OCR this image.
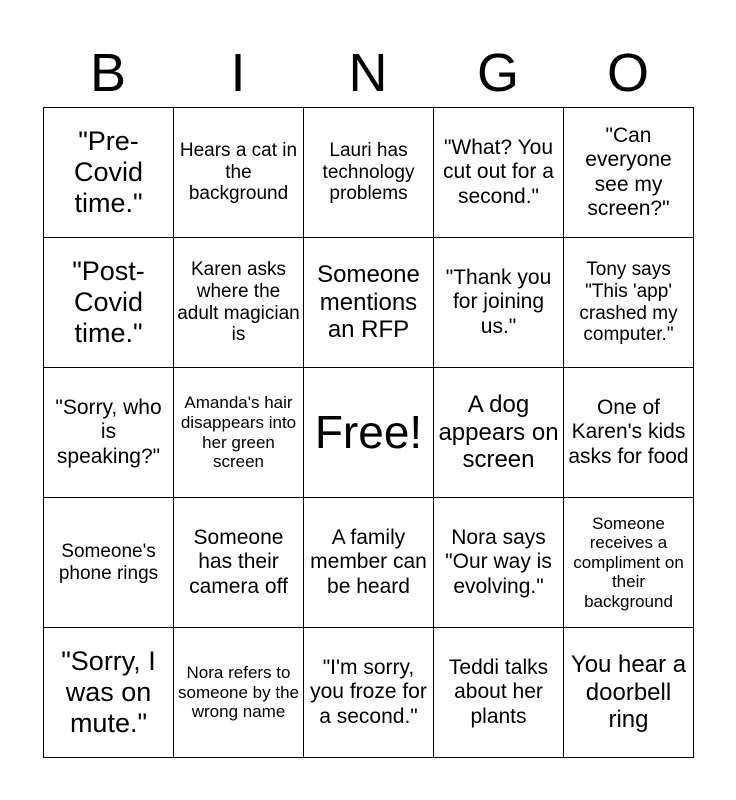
B	I	N	G	O
"Pre-Covid time."	Hears a cat in the background	Lauri has technology problems	"What? You cut out for a second."	"Can everyone see my screen?"
"Post-Covid time."	Karen asks where the adult magician is	Someone mentions an RFP	"Thank you for joining us."	Tony says "This 'app' crashed my computer."
"Sorry, who is speaking?"	Amanda's hair disappears into her green screen	Free!	A dog appears on screen	One of Karen's kids asks for food
Someone's phone rings	Someone has their camera off	A family member can be heard	Nora says "Our way is evolving."	Someone receives a compliment on their background
"Sorry, I was on mute."	Nora refers to someone by the wrong name	"I'm sorry, you froze for a second."	Teddi talks about her plants	You hear a doorbell ring
